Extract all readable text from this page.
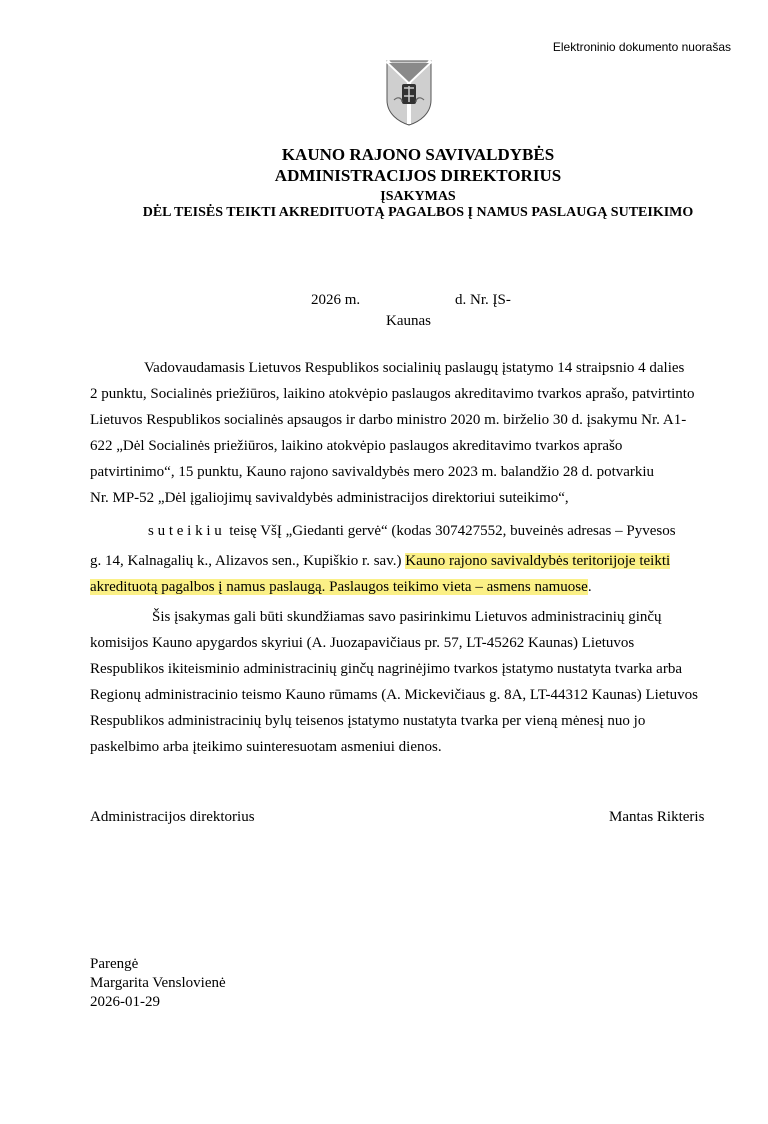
Elektroninio dokumento nuorašas
KAUNO RAJONO SAVIVALDYBĖS
ADMINISTRACIJOS DIREKTORIUS
ĮSAKYMAS
DĖL TEISĖS TEIKTI AKREDITUOTĄ PAGALBOS Į NAMUS PASLAUGĄ SUTEIKIMO
2026 m.	d. Nr. ĮS-
Kaunas
Vadovaudamasis Lietuvos Respublikos socialinių paslaugų įstatymo 14 straipsnio 4 dalies
2 punktu, Socialinės priežiūros, laikino atokvėpio paslaugos akreditavimo tvarkos aprašo, patvirtinto
Lietuvos Respublikos socialinės apsaugos ir darbo ministro 2020 m. birželio 30 d. įsakymu Nr. A1-
622 „Dėl Socialinės priežiūros, laikino atokvėpio paslaugos akreditavimo tvarkos aprašo
patvirtinimo“, 15 punktu, Kauno rajono savivaldybės mero 2023 m. balandžio 28 d. potvarkiu
Nr. MP-52 „Dėl įgaliojimų savivaldybės administracijos direktoriui suteikimo“,
s u t e i k i u teisę VšĮ „Giedanti gervė“ (kodas 307427552, buveinės adresas – Pyvesos
g. 14, Kalnagalių k., Alizavos sen., Kupiškio r. sav.) Kauno rajono savivaldybės teritorijoje teikti
akredituotą pagalbos į namus paslaugą. Paslaugos teikimo vieta – asmens namuose.
Šis įsakymas gali būti skundžiamas savo pasirinkimu Lietuvos administracinių ginčų
komisijos Kauno apygardos skyriui (A. Juozapavičiaus pr. 57, LT-45262 Kaunas) Lietuvos
Respublikos ikiteisminio administracinių ginčų nagrinėjimo tvarkos įstatymo nustatyta tvarka arba
Regionų administracinio teismo Kauno rūmams (A. Mickevičiaus g. 8A, LT-44312 Kaunas) Lietuvos
Respublikos administracinių bylų teisenos įstatymo nustatyta tvarka per vieną mėnesį nuo jo
paskelbimo arba įteikimo suinteresuotam asmeniui dienos.
Administracijos direktorius	Mantas Rikteris
Parengė
Margarita Venslovienė
2026-01-29
